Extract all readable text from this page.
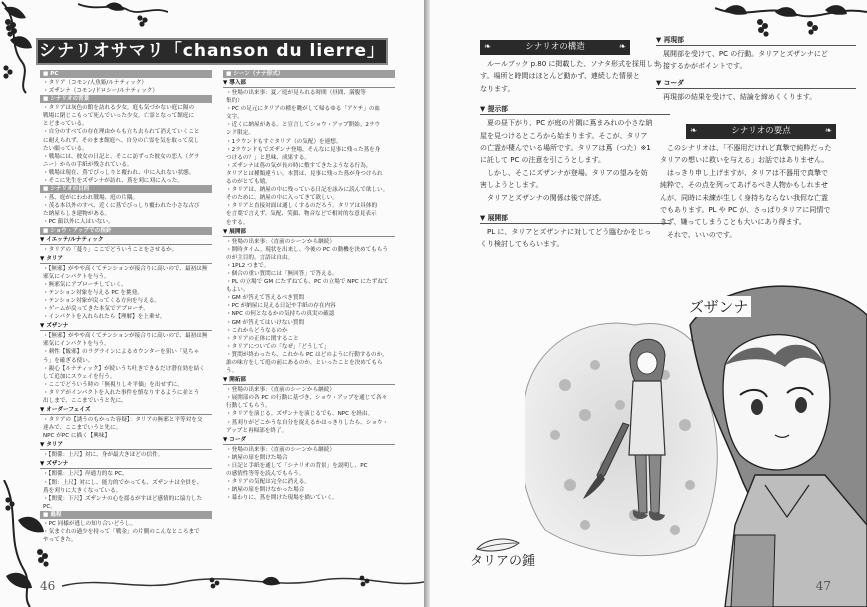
シナリオサマリ「chanson du lierre」
■ PC
・タリア（コモン/人魚姫/ルナティック）
・ズザンナ（コモン/ドロシー/ルナティック）
■ シナリオの背景
・タリアは灰色の館を訪れる少女。庭も気づかない庭に隔の
戦場に閉じこもって死んでいった少女。亡霊となって館庭に
とどまっている。
・自分のすべての存在理由からも立ち去られて消えていくこと
に耐えられず、そのまま館庭へ、自分の亡霊を気を取って戻し
たい願っている。
・戦場には、彼女の日記と、そこに訪ずった彼女の恋人（グラ
ニー）からの手紙が残されている。
・戦場は現在、蔦でびっしりと覆われ、中に入れない状態。
・そこに先生をズザンナが訪れ、蔦を刈に刈に入った。
■ シナリオの目的
・蔦、庭がにわわれ戦場、庭の片隅。
・茂る本以外のすべ、近くに蔦でびっしり覆われた小さな古び
た納屋らしき建物がある。
・PC 顔以外に人はいない。
■ ショウ・アップでの指針
▼ イエッテ/ルナティック
・タリアの「蔓り」ここでどういうことをさせるか。
▼ タリア
・【無邪】がやや高くてテンションが接合りに高いので、最初は無
邪気にインパクトを与う。
・無邪気にアプローチしていく。
・テンション対象を与える PC を挑発。
・テンション対象が戻ってくる方向を与える。
・ゲームが戻ってきた本気でアプローチ。
・インパクトを入れられたら【理解】を上乗せ。
▼ ズザンナ
・【無邪】がやや高くてテンションが接合りに高いので、最初は無
邪気にインパクトを与う。
・刺性【飯邪】のラグラインによるカウンターを狙い「見ちゃ
う」を確ぎる使い。
・親心【ルナティック】が続いうち吐きできるだけ潜在効を結く
して追加にスウェイを行う。
・ここでどういう時の「無視りしキ平価」を出せずに。
・タリアがインパクトを入れた事件を慎なりするように並とう
出しまで、ここまでいうと先に。
▼ オーダーフェイズ
・タリアの【誘うのもかった容疑】：タリアの無邪と平等対を交
達みで、ここまでいうと先に。
NPC がPC に描く【興味】
▼ タリア
・【関係：上尺】対に、身が最大きほどの信件。
▼ ズザンナ
・【関係：上尺】岸通力的な PC。
・【関：上尺】対にし、能力的でかっても、ズザンナは全員を、
蔦を刈りに大きくなっている。
・【関愛：下尺】ズザンナの心を揺るがすほど感情的に協力した
PC。
■ 過程
・PC 同様が逃しの知り合いどうし。
・気まぐれの過少を持って「戦金」の片側のこんなところまで
やってきた。
■ シーン（ナナ形式）
▼ 導入部
・登場の出来事：夏／庭が見られる時間（昼間、満腹等
集約）
・PC の足元にタリアの種を眺がして帰るゆる「アケチ」の血
文字。
・近くに納屋がある。と宣言してショウ・アップ開始。2ラウ
ンド限定。
・1ラウンドもすぐタリア（の気配）を連想。
・2ラウンドもでズザンナ登場。そんなに見事に残った蔦を身
つけるの？」と思味、成果する。
・ズザンナは蔦の気が長の時に敷すてきたようなる行為。
タリアとは種類違うい。本質は、見事に残った蔦が身つけられ
るのがとても嬉。
・タリアは、納屋の中に残っている日記を詠みに読んで欲しい。
そのために、納屋の中に入ってきて欲しい。
・タリアと直接対面は通しくするのだろう。タリアは具体的
を言葉で言えず、気配、笑顔、物音などで相対的な意見表示
をする。
▼ 展開部
・登場の出来事：（直前のシーンから継続）
・開時タイム。現状を出来し、今後の PC の動機を決めてもらう
のが主目的。言語は自由。
・1PL2 つまで。
・個合の重い質問には「無回答」で答える。
・PL の立場で GM にたずねても、PC の立場で NPC にたずねて
もよい。
・GM が答えて答えるべき質問
・PC が納屋に見える日記や手紙の存在内容
・NPC の何となるかの気持ちの真実の確認
・GM が答えてはいけない質問
・これからどうなるのか
・タリアの正体に関すること
・タリアについての「なぜ」「どうして」
・質問が終わったら、これから PC はどのように行動するのか。
誰の味方をして庭の前にあるのか、といったことを決めてもら
う。
▼ 開拓部
・登場の出来事：（直前のシーンから継続）
・展開部の各 PC の行動に基づき、ショウ・アップを通じて各々
行動してもらう。
・タリアを演じる。ズザンナを演じるでも、NPC を経由。
・蔦刈りがどこかうな自分を捉えるかはっきりしたら、ショウ・
アップと再帰部を終了。
▼ コーダ
・登場の出来事：（直前のシーンから継続）
・納屋の扉を開けた場合
・日記と手紙を通して「シナリオの背景」を説明し、PC
の感情性等等を読んでもらう。
・タリアの気配は完全に消える。
・納屋の扉を開けなかった場合
・幕わりに、蔦を開けた現場を描いていく。
46
❧	シナリオの構造	❧
　ルールブック p.80 に掲載した、ソナタ形式を採用しま
す。場所と時間はほとんど動かず、連続した情景と
なります。
▼ 提示部
　夏の昼下がり、PC が庭の片隅に蔦まみれの小さな納
屋を見つけるところから始まります。そこが、タリア
の亡霊が棲んでいる場所です。タリアは蔦（つた）※1
に託して PC の注意を引こうとします。
　しかし、そこにズザンナが登場。タリアの望みを妨
害しようとします。
　タリアとズザンナの関係は後で詳述。
▼ 展開部
　PL に、タリアとズザンナに対してどう臨むかをじっ
くり検討してもらいます。
▼ 再現部
　展開部を受けて、PC の行動。タリアとズザンナにど
う接するかがポイントです。
▼ コーダ
　再現部の結果を受けて、結論を締めくくります。
❧	シナリオの要点	❧
　このシナリオは、「不器用だけれど真摯で純粋だった
タリアの想いに救いを与える」お話ではありません。
　はっきり申し上げますが、タリアは不器用で真摯で
純粋で、その点を列ってあげるべき人物かもしれませ
んが、同時に未練が生しく身持ちならない我侭な亡霊
でもあります。PL や PC が、さっぱりタリアに同情で
きず、嫌ってしまうことも大いにあり得ます。
　それで、いいのです。
ズザンナ
タリアの鍾
47
